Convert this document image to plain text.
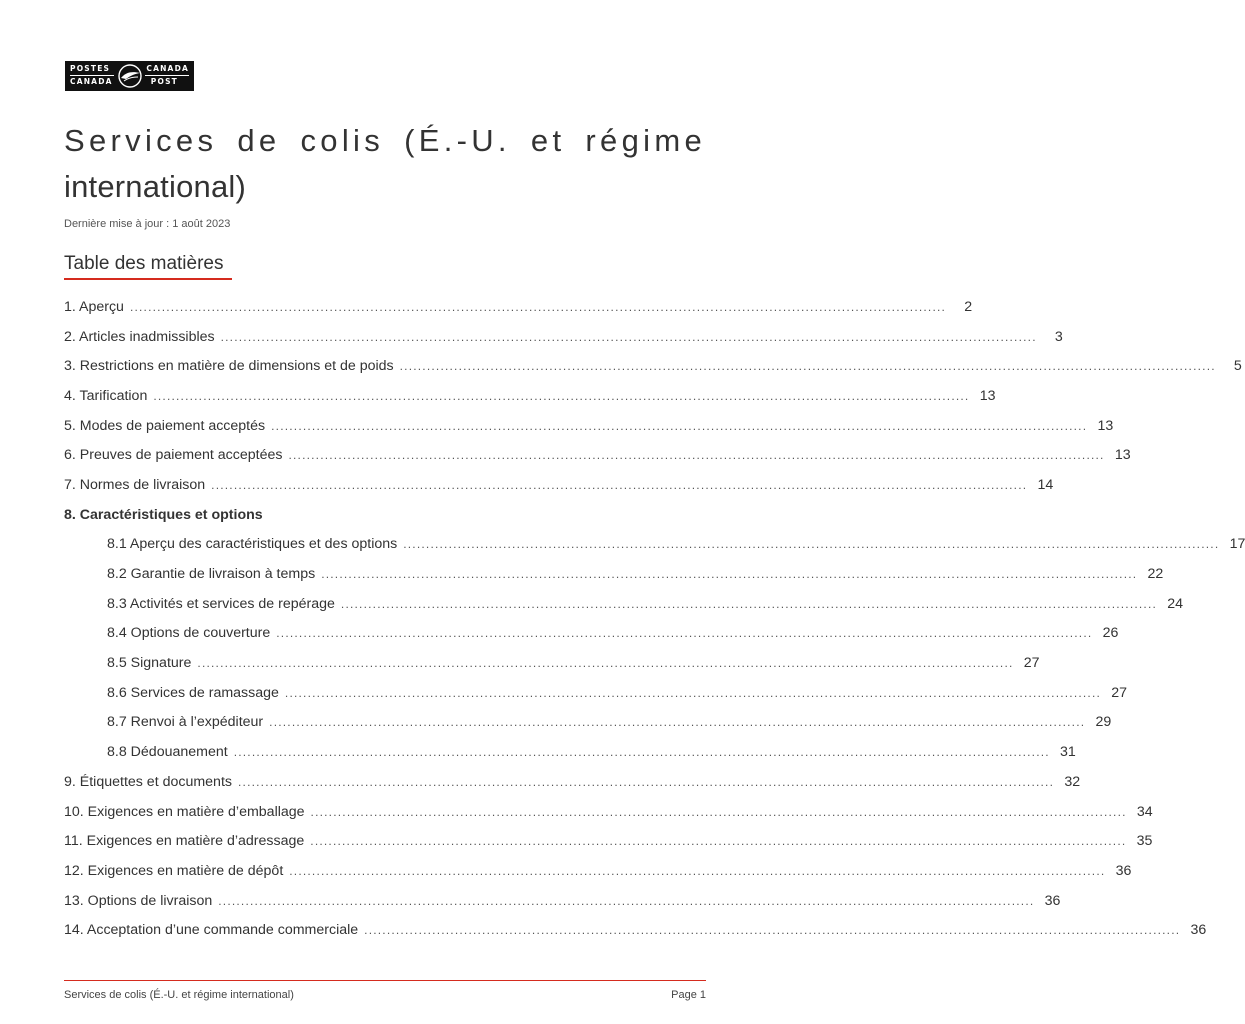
POSTES
CANADA
CANADA
POST
Services de colis (É.-U. et régime
international)
Dernière mise à jour : 1 août 2023
Table des matières
1. Aperçu ....................................................................................................................................................................................	2
2. Articles inadmissibles ....................................................................................................................................................................................	3
3. Restrictions en matière de dimensions et de poids ....................................................................................................................................................................................	5
4. Tarification .................................................................................................................................................................................... 13
5. Modes de paiement acceptés .................................................................................................................................................................................... 13
6. Preuves de paiement acceptées .................................................................................................................................................................................... 13
7. Normes de livraison .................................................................................................................................................................................... 14
8. Caractéristiques et options
8.1 Aperçu des caractéristiques et des options .................................................................................................................................................................................... 17
8.2 Garantie de livraison à temps .................................................................................................................................................................................... 22
8.3 Activités et services de repérage .................................................................................................................................................................................... 24
8.4 Options de couverture .................................................................................................................................................................................... 26
8.5 Signature .................................................................................................................................................................................... 27
8.6 Services de ramassage .................................................................................................................................................................................... 27
8.7 Renvoi à l’expéditeur .................................................................................................................................................................................... 29
8.8 Dédouanement .................................................................................................................................................................................... 31
9. Étiquettes et documents .................................................................................................................................................................................... 32
10. Exigences en matière d’emballage .................................................................................................................................................................................... 34
11. Exigences en matière d’adressage .................................................................................................................................................................................... 35
12. Exigences en matière de dépôt .................................................................................................................................................................................... 36
13. Options de livraison .................................................................................................................................................................................... 36
14. Acceptation d’une commande commerciale .................................................................................................................................................................................... 36
Services de colis (É.-U. et régime international)	Page 1
